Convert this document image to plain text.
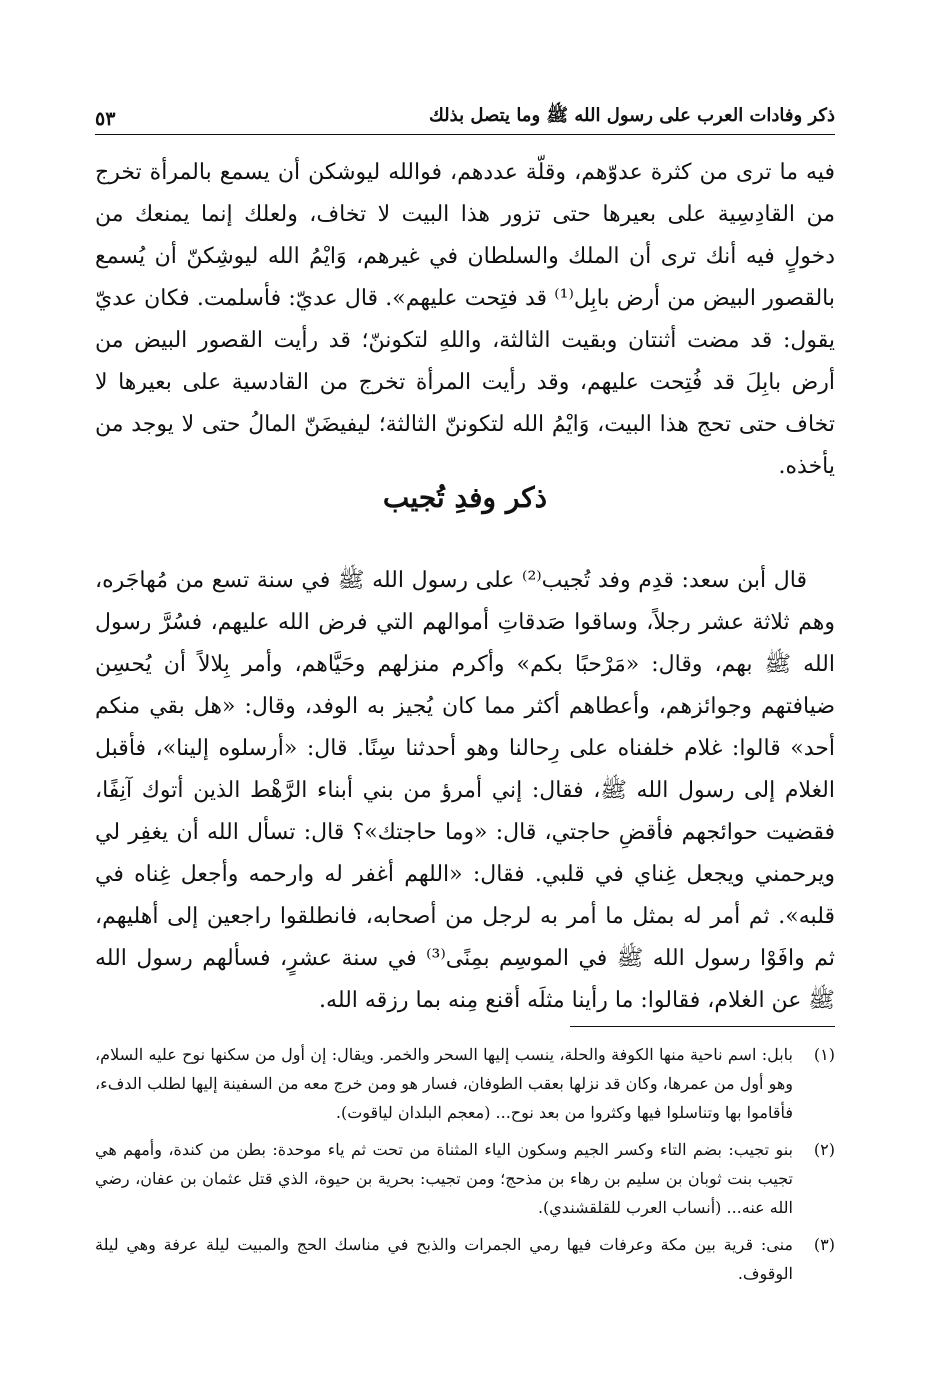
٥٣	ذكر وفادات العرب على رسول الله ﷺ وما يتصل بذلك

فيه ما ترى من كثرة عدوّهم، وقلّة عددهم، فوالله ليوشكن أن يسمع بالمرأة تخرج من القادِسِية على بعيرها حتى تزور هذا البيت لا تخاف، ولعلك إنما يمنعك من دخولٍ فيه أنك ترى أن الملك والسلطان في غيرهم، وَايْمُ الله ليوشِكنّ أن يُسمع بالقصور البيض من أرض بابِل⁽¹⁾ قد فتِحت عليهم». قال عديّ: فأسلمت. فكان عديّ يقول: قد مضت أثنتان وبقيت الثالثة، واللهِ لتكوننّ؛ قد رأيت القصور البيض من أرض بابِلَ قد فُتِحت عليهم، وقد رأيت المرأة تخرج من القادسية على بعيرها لا تخاف حتى تحج هذا البيت، وَايْمُ الله لتكوننّ الثالثة؛ ليفيضَنّ المالُ حتى لا يوجد من يأخذه.

ذكر وفدِ تُجيب

قال أبن سعد: قدِم وفد تُجيب⁽²⁾ على رسول الله ﷺ في سنة تسع من مُهاجَره، وهم ثلاثة عشر رجلاً، وساقوا صَدقاتِ أموالهم التي فرض الله عليهم، فسُرَّ رسول الله ﷺ بهم، وقال: «مَرْحبًا بكم» وأكرم منزلهم وحَيَّاهم، وأمر بِلالاً أن يُحسِن ضيافتهم وجوائزهم، وأعطاهم أكثر مما كان يُجيز به الوفد، وقال: «هل بقي منكم أحد» قالوا: غلام خلفناه على رِحالنا وهو أحدثنا سِنًا. قال: «أرسلوه إلينا»، فأقبل الغلام إلى رسول الله ﷺ، فقال: إني أمرؤ من بني أبناء الرَّهْط الذين أتوك آنِفًا، فقضيت حوائجهم فأقضِ حاجتي، قال: «وما حاجتك»؟ قال: تسأل الله أن يغفِر لي ويرحمني ويجعل غِناي في قلبي. فقال: «اللهم أغفر له وارحمه وأجعل غِناه في قلبه». ثم أمر له بمثل ما أمر به لرجل من أصحابه، فانطلقوا راجعين إلى أهليهم، ثم وافَوْا رسول الله ﷺ في الموسِم بمِنًى⁽³⁾ في سنة عشرٍ، فسألهم رسول الله ﷺ عن الغلام، فقالوا: ما رأينا مثلَه أقنع مِنه بما رزقه الله.

(١)
بابل: اسم ناحية منها الكوفة والحلة، ينسب إليها السحر والخمر. ويقال: إن أول من سكنها نوح عليه السلام، وهو أول من عمرها، وكان قد نزلها بعقب الطوفان، فسار هو ومن خرج معه من السفينة إليها لطلب الدفء، فأقاموا بها وتناسلوا فيها وكثروا من بعد نوح... (معجم البلدان لياقوت).
(٢)
بنو تجيب: بضم التاء وكسر الجيم وسكون الياء المثناة من تحت ثم ياء موحدة: بطن من كندة، وأمهم هي تجيب بنت ثوبان بن سليم بن رهاء بن مذحج؛ ومن تجيب: بحرية بن حيوة، الذي قتل عثمان بن عفان، رضي الله عنه... (أنساب العرب للقلقشندي).
(٣)
منى: قرية بين مكة وعرفات فيها رمي الجمرات والذبح في مناسك الحج والمبيت ليلة عرفة وهي ليلة الوقوف.
